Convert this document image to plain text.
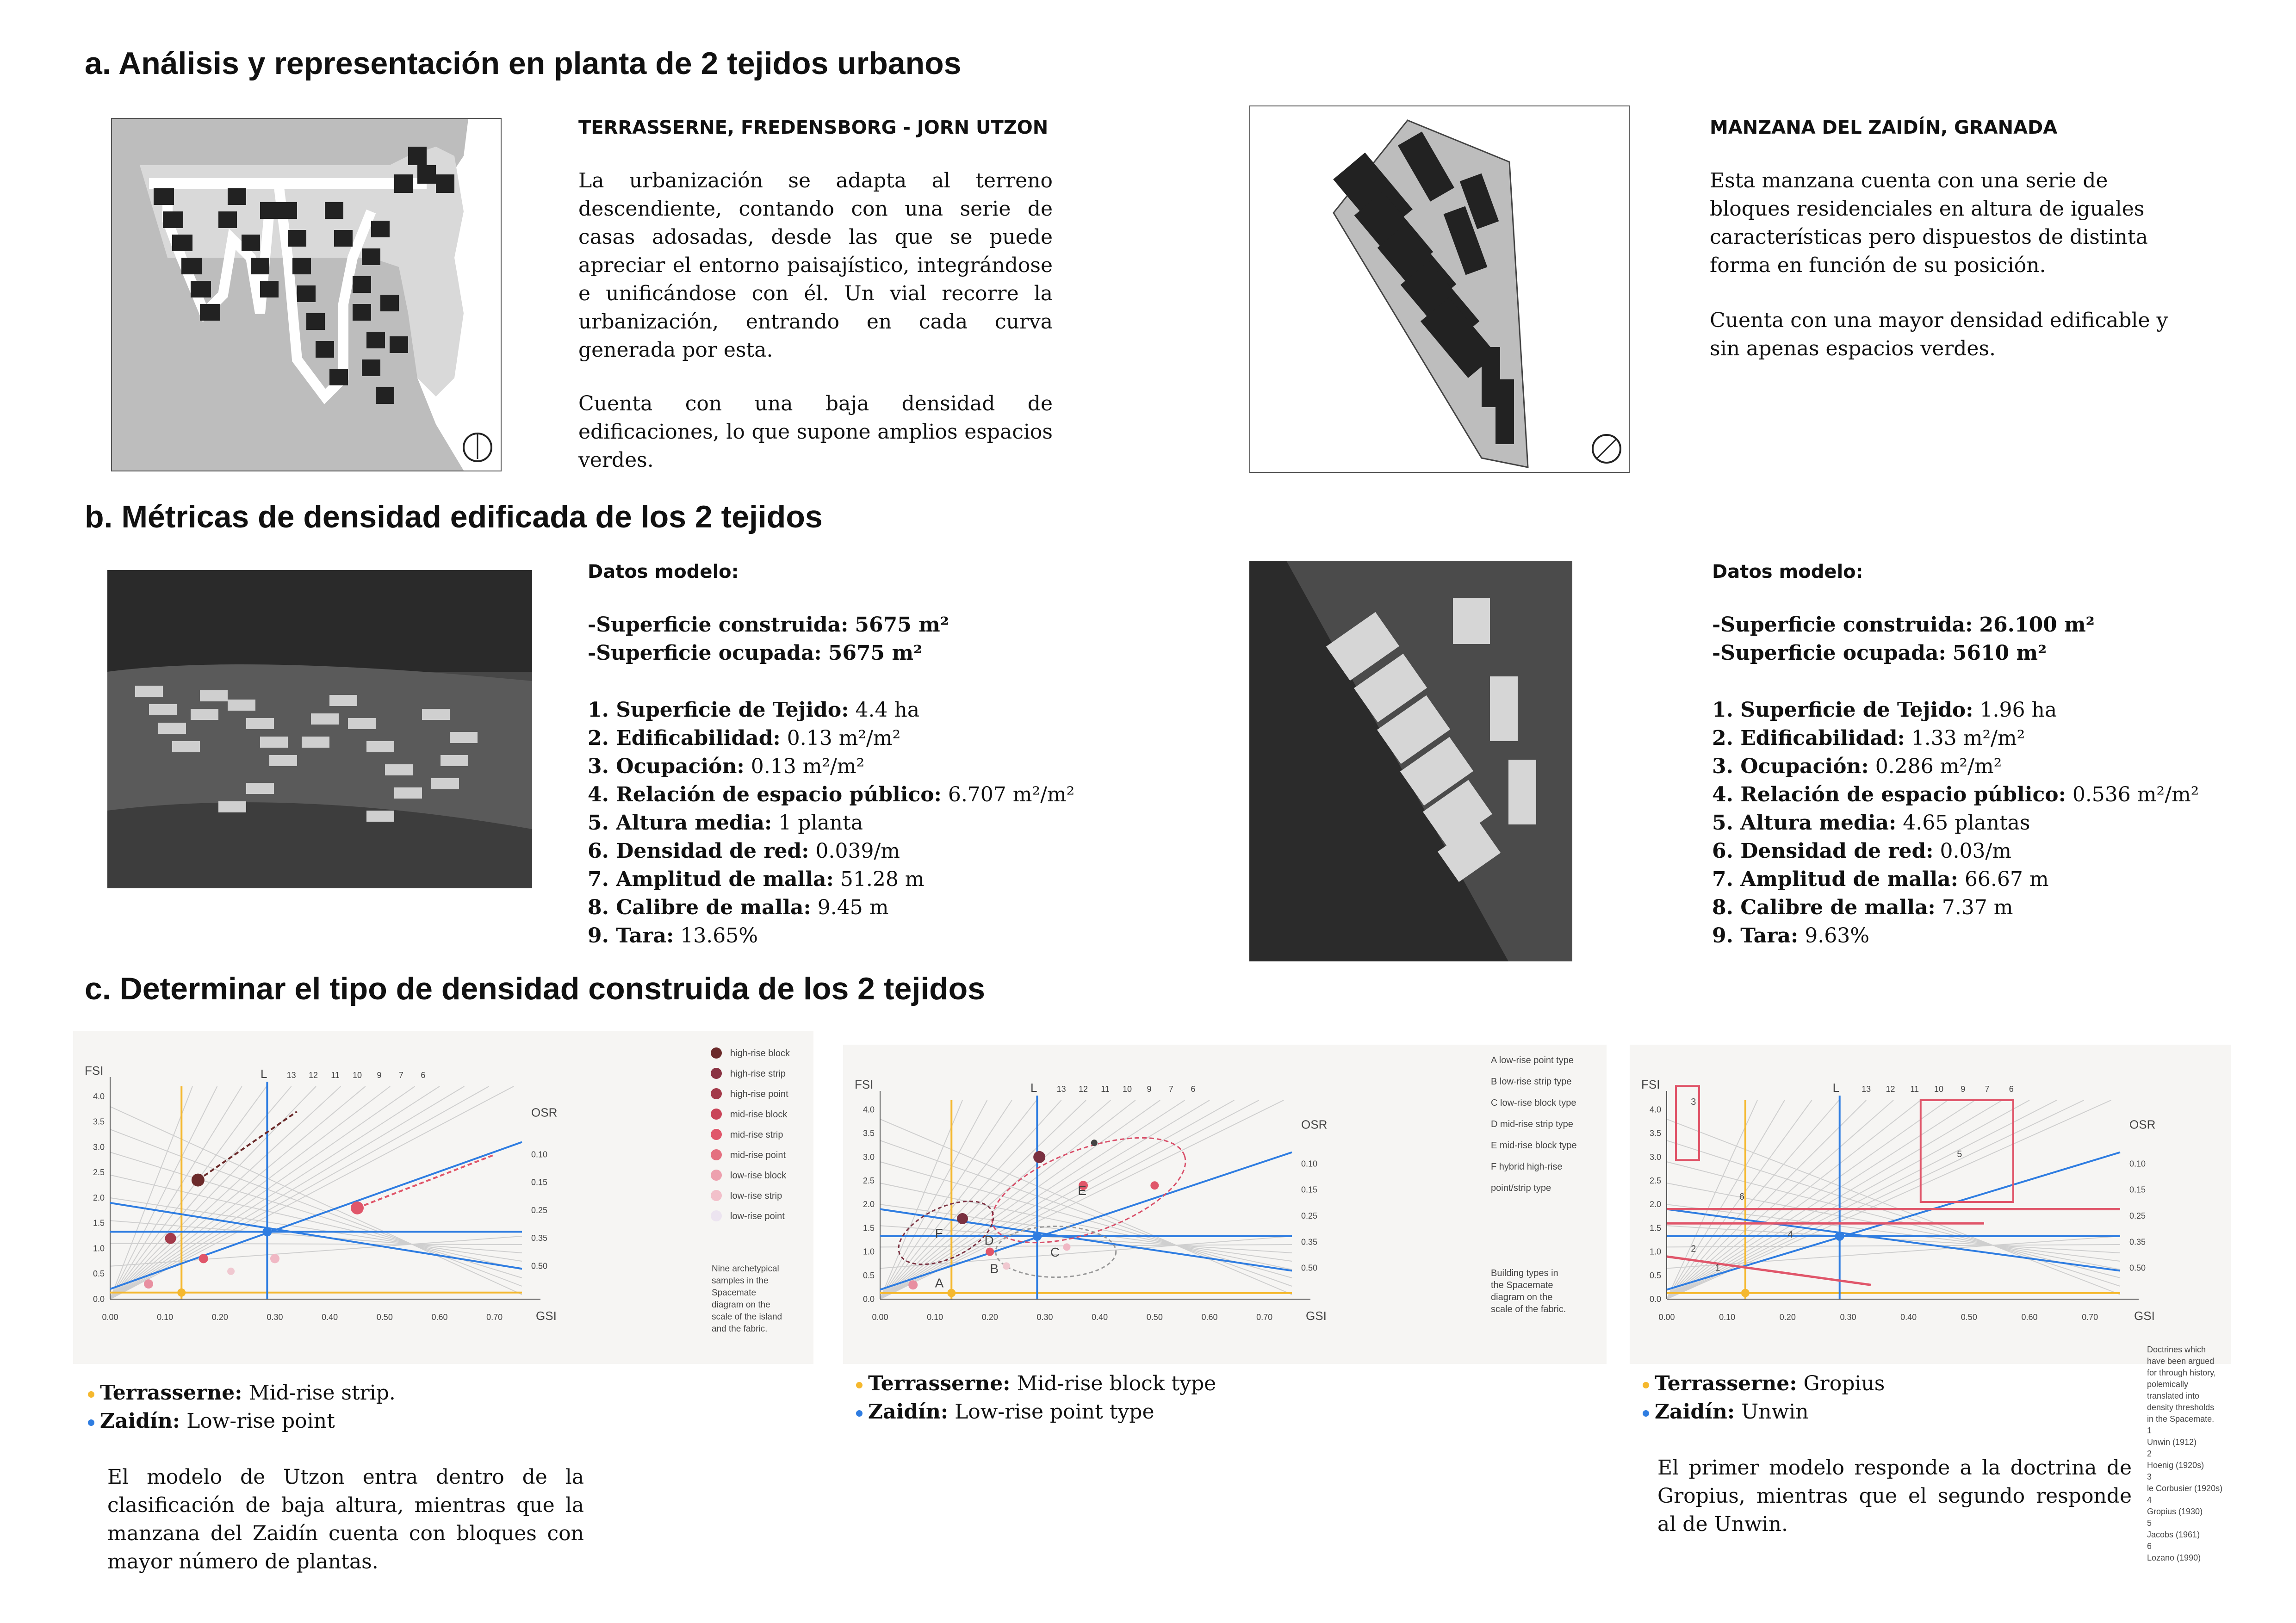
a. Análisis y representación en planta de 2 tejidos urbanos
b. Métricas de densidad edificada de los 2 tejidos
c. Determinar el tipo de densidad construida de los 2 tejidos
TERRASSERNE, FREDENSBORG - JORN UTZON
La urbanización se adapta al terreno descendiente, contando con una serie de casas adosadas, desde las que se puede apreciar el entorno paisajístico, integrándose e unificándose con él. Un vial recorre la urbanización, entrando en cada curva generada por esta.
Cuenta con una baja densidad de edificaciones, lo que supone amplios espacios verdes.
MANZANA DEL ZAIDÍN, GRANADA
Esta manzana cuenta con una serie de bloques residenciales en altura de iguales características pero dispuestos de distinta forma en función de su posición.
Cuenta con una mayor densidad edificable y sin apenas espacios verdes.
Datos modelo:
-Superficie construida: 5675 m²
-Superficie ocupada: 5675 m²
1. Superficie de Tejido: 4.4 ha
2. Edificabilidad: 0.13 m²/m²
3. Ocupación: 0.13 m²/m²
4. Relación de espacio público: 6.707 m²/m²
5. Altura media: 1 planta
6. Densidad de red: 0.039/m
7. Amplitud de malla: 51.28 m
8. Calibre de malla: 9.45 m
9. Tara: 13.65%
Datos modelo:
-Superficie construida: 26.100 m²
-Superficie ocupada: 5610 m²
1. Superficie de Tejido: 1.96 ha
2. Edificabilidad: 1.33 m²/m²
3. Ocupación: 0.286 m²/m²
4. Relación de espacio público: 0.536 m²/m²
5. Altura media: 4.65 plantas
6. Densidad de red: 0.03/m
7. Amplitud de malla: 66.67 m
8. Calibre de malla: 7.37 m
9. Tara: 9.63%
FSI
GSI
OSR
L
0.00	0.10	0.20	0.30	0.40	0.50	0.60	0.70
0.0
0.5
1.0
1.5
2.0
2.5
3.0
3.5
4.0
13 12 11 10 9 7 6
0.10
0.15
0.25
0.35
0.50
high-rise block
high-rise strip
high-rise point
mid-rise block
mid-rise strip
mid-rise point
low-rise block
low-rise strip
low-rise point
Nine archetypical
samples in the
Spacemate
diagram on the
scale of the island
and the fabric.
FSI
GSI
OSR
L
0.00	0.10	0.20	0.30	0.40	0.50	0.60	0.70
0.0
0.5
1.0
1.5
2.0
2.5
3.0
3.5
4.0
13 12 11 10 9 7 6
0.10
0.15
0.25
0.35
0.50
A
B
C
D
E
F
A low-rise point type
B low-rise strip type
C low-rise block type
D mid-rise strip type
E mid-rise block type
F hybrid high-rise
point/strip type
Building types in
the Spacemate
diagram on the
scale of the fabric.
FSI
GSI
OSR
L
0.00	0.10	0.20	0.30	0.40	0.50	0.60	0.70
0.0
0.5
1.0
1.5
2.0
2.5
3.0
3.5
4.0
13 12 11 10 9 7 6
0.10
0.15
0.25
0.35
0.50
1
2
3
4
5
6
Terrasserne: Mid-rise strip.
Zaidín: Low-rise point
El modelo de Utzon entra dentro de la clasificación de baja altura, mientras que la manzana del Zaidín cuenta con bloques con mayor número de plantas.
Terrasserne: Mid-rise block type
Zaidín: Low-rise point type
Terrasserne: Gropius
Zaidín: Unwin
El primer modelo responde a la doctrina de Gropius, mientras que el segundo responde al de Unwin.
Doctrines which
have been argued
for through history,
polemically
translated into
density thresholds
in the Spacemate.
1
Unwin (1912)
2
Hoenig (1920s)
3
le Corbusier (1920s)
4
Gropius (1930)
5
Jacobs (1961)
6
Lozano (1990)
